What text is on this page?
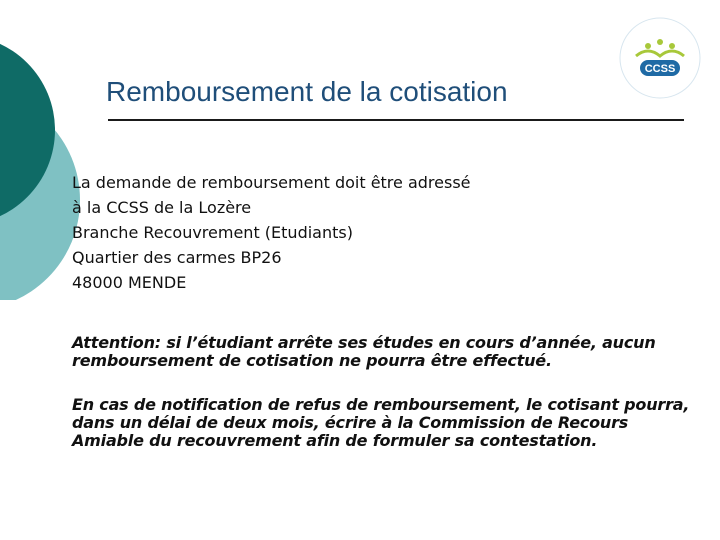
Remboursement de la cotisation
CCSS
La demande de remboursement doit être adressé
à la CCSS de la Lozère
Branche Recouvrement (Etudiants)
Quartier des carmes BP26
48000 MENDE
Attention: si l’étudiant arrête ses études en cours d’année, aucun remboursement de cotisation ne pourra être effectué.
En cas de notification de refus de remboursement, le cotisant pourra, dans un délai de deux mois, écrire à la Commission de Recours Amiable du recouvrement afin de formuler sa contestation.
